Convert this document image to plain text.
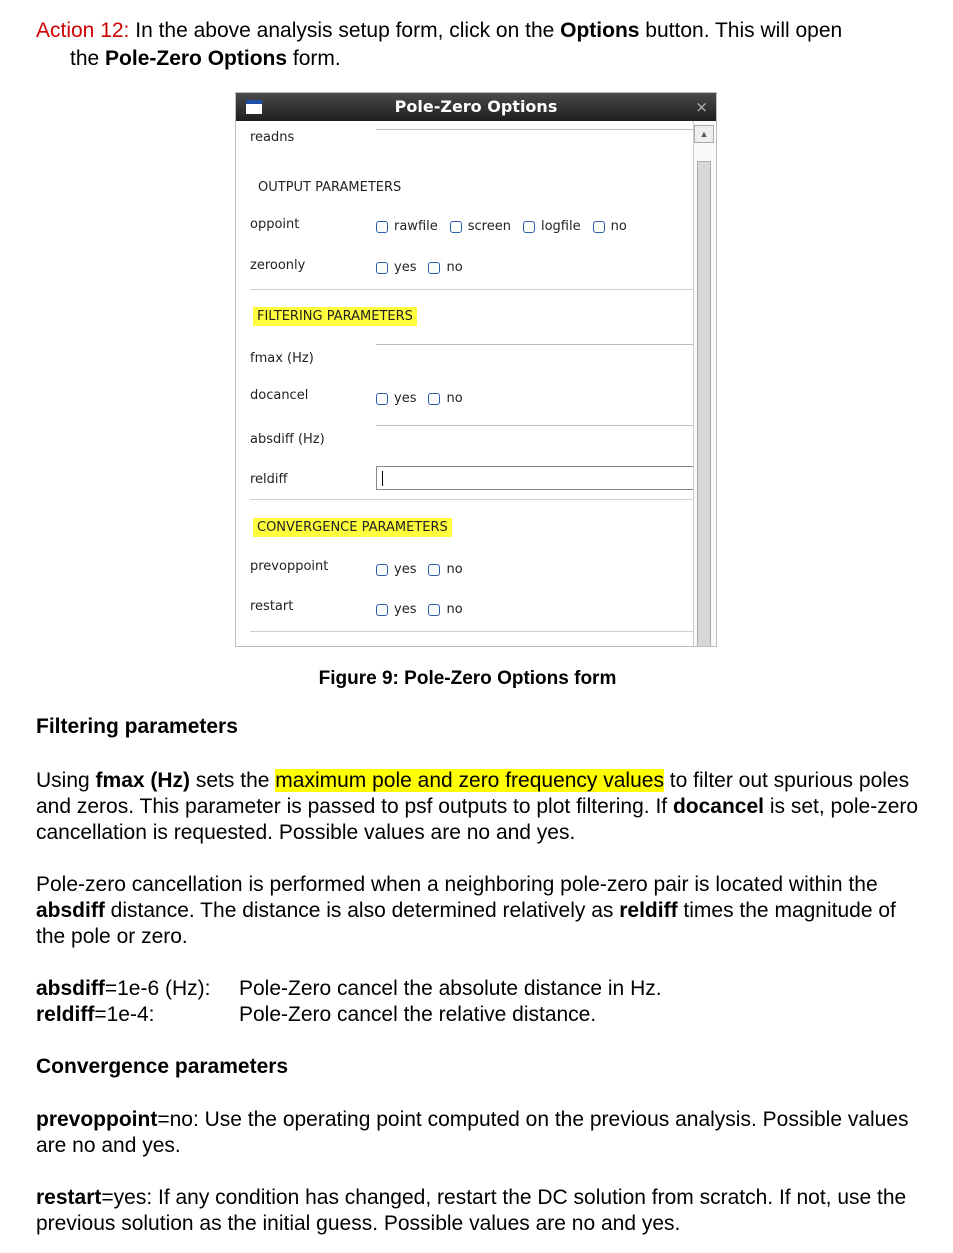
Action 12: In the above analysis setup form, click on the Options button. This will open
the Pole-Zero Options form.
Pole-Zero Options	×
readns
OUTPUT PARAMETERS
oppoint	rawfile screen logfile no
zeroonly	yes no
FILTERING PARAMETERS
fmax (Hz)
docancel	yes no
absdiff (Hz)
reldiff
CONVERGENCE PARAMETERS
prevoppoint	yes no
restart	yes no
▲
Figure 9: Pole-Zero Options form
Filtering parameters
Using fmax (Hz) sets the maximum pole and zero frequency values to filter out spurious poles and zeros. This parameter is passed to psf outputs to plot filtering. If docancel is set, pole-zero cancellation is requested. Possible values are no and yes.
Pole-zero cancellation is performed when a neighboring pole-zero pair is located within the absdiff distance. The distance is also determined relatively as reldiff times the magnitude of the pole or zero.
absdiff=1e-6 (Hz): Pole-Zero cancel the absolute distance in Hz.
reldiff=1e-4:	Pole-Zero cancel the relative distance.
Convergence parameters
prevoppoint=no: Use the operating point computed on the previous analysis. Possible values are no and yes.
restart=yes: If any condition has changed, restart the DC solution from scratch. If not, use the previous solution as the initial guess. Possible values are no and yes.
